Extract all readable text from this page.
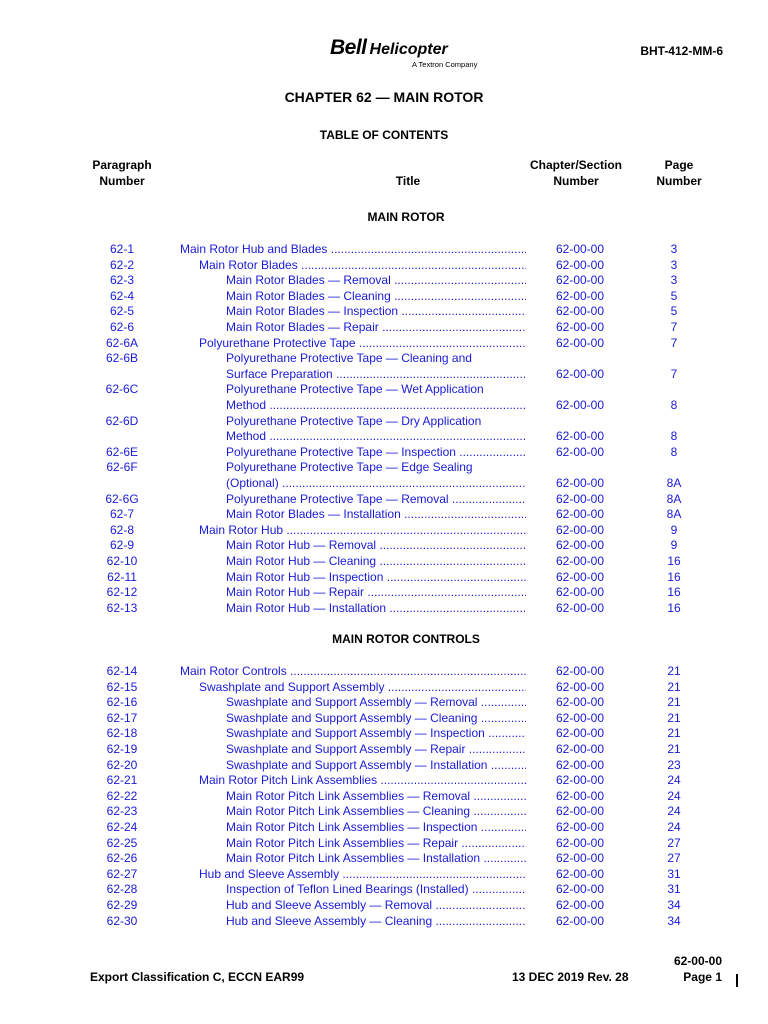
Bell Helicopter
A Textron Company
BHT-412-MM-6
CHAPTER 62 — MAIN ROTOR
TABLE OF CONTENTS
Paragraph
Number	Title
Chapter/Section
Number
Page
Number
MAIN ROTOR
62-1	Main Rotor Hub and Blades .....	62-00-00	3
62-2	Main Rotor Blades .....	62-00-00	3
62-3	Main Rotor Blades — Removal .....	62-00-00	3
62-4	Main Rotor Blades — Cleaning .....	62-00-00	5
62-5	Main Rotor Blades — Inspection .....	62-00-00	5
62-6	Main Rotor Blades — Repair .....	62-00-00	7
62-6A	Polyurethane Protective Tape .....	62-00-00	7
62-6B	Polyurethane Protective Tape — Cleaning and
Surface Preparation .....	62-00-00	7
62-6C	Polyurethane Protective Tape — Wet Application
Method .....	62-00-00	8
62-6D	Polyurethane Protective Tape — Dry Application
Method .....	62-00-00	8
62-6E	Polyurethane Protective Tape — Inspection .....	62-00-00	8
62-6F	Polyurethane Protective Tape — Edge Sealing
(Optional) .....	62-00-00	8A
62-6G	Polyurethane Protective Tape — Removal .....	62-00-00	8A
62-7	Main Rotor Blades — Installation .....	62-00-00	8A
62-8	Main Rotor Hub .....	62-00-00	9
62-9	Main Rotor Hub — Removal .....	62-00-00	9
62-10	Main Rotor Hub — Cleaning .....	62-00-00	16
62-11	Main Rotor Hub — Inspection .....	62-00-00	16
62-12	Main Rotor Hub — Repair .....	62-00-00	16
62-13	Main Rotor Hub — Installation .....	62-00-00	16
MAIN ROTOR CONTROLS
62-14	Main Rotor Controls .....	62-00-00	21
62-15	Swashplate and Support Assembly .....	62-00-00	21
62-16	Swashplate and Support Assembly — Removal .....	62-00-00	21
62-17	Swashplate and Support Assembly — Cleaning .....	62-00-00	21
62-18	Swashplate and Support Assembly — Inspection .....	62-00-00	21
62-19	Swashplate and Support Assembly — Repair .....	62-00-00	21
62-20	Swashplate and Support Assembly — Installation .....	62-00-00	23
62-21	Main Rotor Pitch Link Assemblies .....	62-00-00	24
62-22	Main Rotor Pitch Link Assemblies — Removal .....	62-00-00	24
62-23	Main Rotor Pitch Link Assemblies — Cleaning .....	62-00-00	24
62-24	Main Rotor Pitch Link Assemblies — Inspection .....	62-00-00	24
62-25	Main Rotor Pitch Link Assemblies — Repair .....	62-00-00	27
62-26	Main Rotor Pitch Link Assemblies — Installation .....	62-00-00	27
62-27	Hub and Sleeve Assembly .....	62-00-00	31
62-28	Inspection of Teflon Lined Bearings (Installed) .....	62-00-00	31
62-29	Hub and Sleeve Assembly — Removal .....	62-00-00	34
62-30	Hub and Sleeve Assembly — Cleaning .....	62-00-00	34
62-00-00
Export Classification C, ECCN EAR99	13 DEC 2019 Rev. 28	Page 1
